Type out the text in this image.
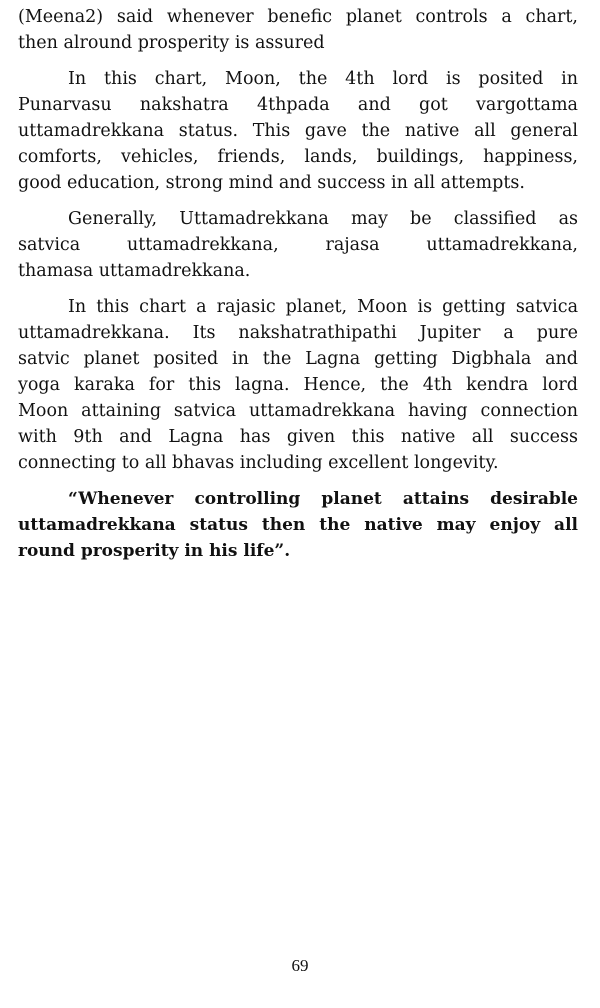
(Meena2) said whenever benefic planet controls a chart,
then alround prosperity is assured
In this chart, Moon, the 4th lord is posited in
Punarvasu nakshatra 4thpada and got vargottama
uttamadrekkana status. This gave the native all general
comforts, vehicles, friends, lands, buildings, happiness,
good education, strong mind and success in all attempts.
Generally, Uttamadrekkana may be classified as
satvica uttamadrekkana, rajasa uttamadrekkana,
thamasa uttamadrekkana.
In this chart a rajasic planet, Moon is getting satvica
uttamadrekkana. Its nakshatrathipathi Jupiter a pure
satvic planet posited in the Lagna getting Digbhala and
yoga karaka for this lagna. Hence, the 4th kendra lord
Moon attaining satvica uttamadrekkana having connection
with 9th and Lagna has given this native all success
connecting to all bhavas including excellent longevity.
“Whenever controlling planet attains desirable
uttamadrekkana status then the native may enjoy all
round prosperity in his life”.
69
